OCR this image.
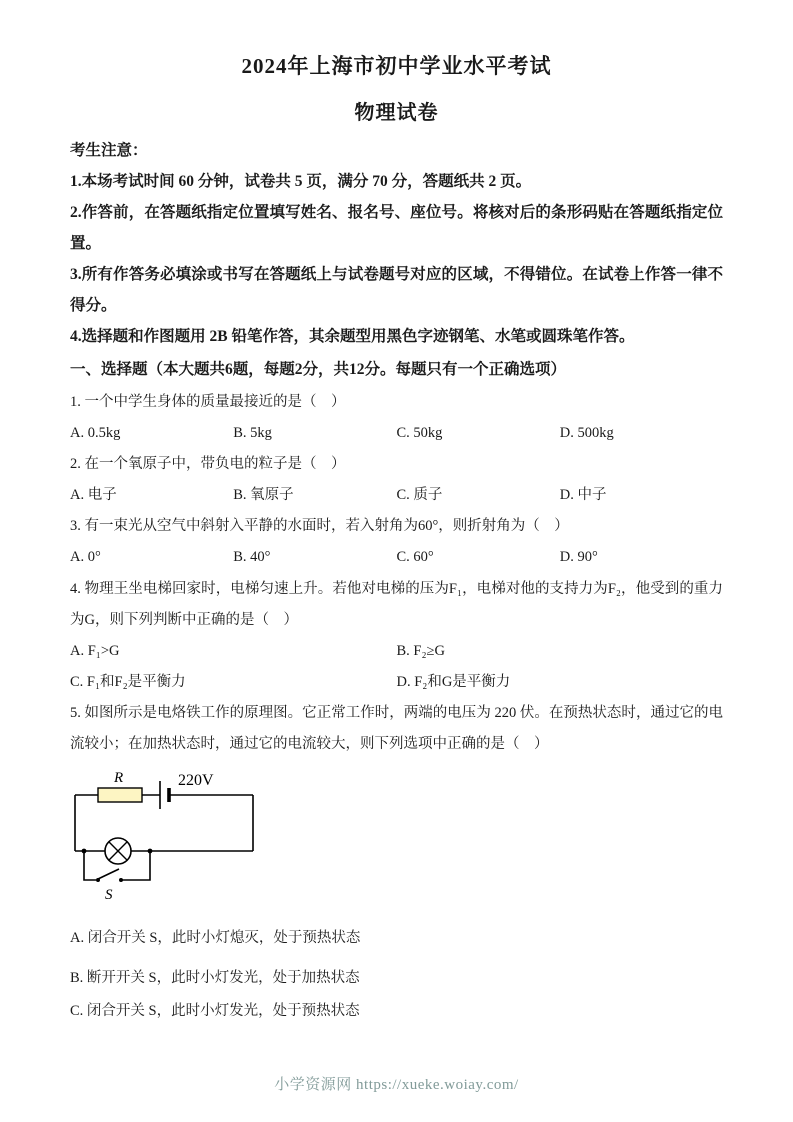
2024年上海市初中学业水平考试
物理试卷

考生注意：

1.本场考试时间 60 分钟，试卷共 5 页，满分 70 分，答题纸共 2 页。

2.作答前，在答题纸指定位置填写姓名、报名号、座位号。将核对后的条形码贴在答题纸指定位置。

3.所有作答务必填涂或书写在答题纸上与试卷题号对应的区域，不得错位。在试卷上作答一律不得分。

4.选择题和作图题用 2B 铅笔作答，其余题型用黑色字迹钢笔、水笔或圆珠笔作答。

一、选择题（本大题共6题，每题2分，共12分。每题只有一个正确选项）

1. 一个中学生身体的质量最接近的是（　）

A. 0.5kg	B. 5kg	C. 50kg	D. 500kg

2. 在一个氧原子中，带负电的粒子是（　）

A. 电子	B. 氧原子	C. 质子	D. 中子

3. 有一束光从空气中斜射入平静的水面时，若入射角为60°，则折射角为（　）

A. 0°	B. 40°	C. 60°	D. 90°

4. 物理王坐电梯回家时，电梯匀速上升。若他对电梯的压为F₁，电梯对他的支持力为F₂，他受到的重力为G，则下列判断中正确的是（　）

A. F₁>G	B. F₂≥G
C. F₁和F₂是平衡力	D. F₂和G是平衡力

5. 如图所示是电烙铁工作的原理图。它正常工作时，两端的电压为 220 伏。在预热状态时，通过它的电流较小；在加热状态时，通过它的电流较大，则下列选项中正确的是（　）

R	220V
S
A. 闭合开关 S，此时小灯熄灭，处于预热状态
B. 断开开关 S，此时小灯发光，处于加热状态
C. 闭合开关 S，此时小灯发光，处于预热状态
小学资源网 https://xueke.woiay.com/
